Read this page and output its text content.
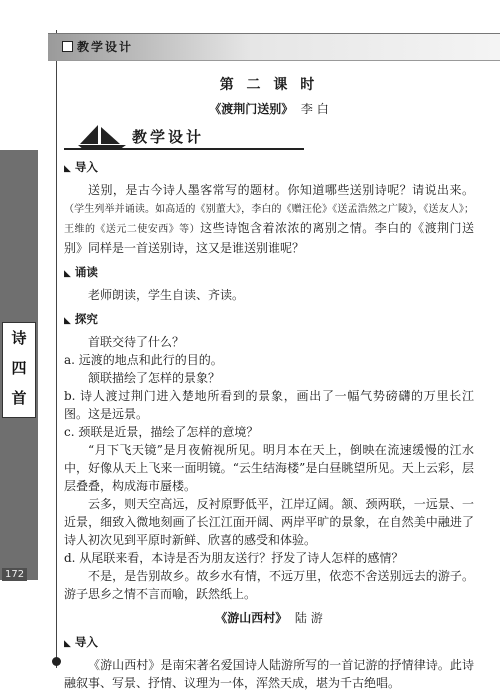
诗
四
首
172
教学设计
第 二 课 时
《渡荆门送别》 李 白
教学设计
◣ 导入

送别，是古今诗人墨客常写的题材。你知道哪些送别诗呢？请说出来。（学生列举并诵读。如高适的《别董大》，李白的《赠汪伦》《送孟浩然之广陵》，《送友人》；王维的《送元二使安西》等）这些诗饱含着浓浓的离别之情。李白的《渡荆门送别》同样是一首送别诗，这又是谁送别谁呢？

◣ 诵读

老师朗读，学生自读、齐读。

◣ 探究

首联交待了什么？

a. 远渡的地点和此行的目的。

颔联描绘了怎样的景象？

b. 诗人渡过荆门进入楚地所看到的景象，画出了一幅气势磅礴的万里长江图。这是远景。

c. 颈联是近景，描绘了怎样的意境？

“月下飞天镜”是月夜俯视所见。明月本在天上，倒映在流速缓慢的江水中，好像从天上飞来一面明镜。“云生结海楼”是白昼眺望所见。天上云彩，层层叠叠，构成海市蜃楼。

云多，则天空高远，反衬原野低平，江岸辽阔。颔、颈两联，一远景、一近景，细致入微地刻画了长江江面开阔、两岸平旷的景象，在自然美中融进了诗人初次见到平原时新鲜、欣喜的感受和体验。

d. 从尾联来看，本诗是否为朋友送行？抒发了诗人怎样的感情？

不是，是告别故乡。故乡水有情，不远万里，依恋不舍送别远去的游子。游子思乡之情不言而喻，跃然纸上。

《游山西村》 陆 游
◣ 导入

《游山西村》是南宋著名爱国诗人陆游所写的一首记游的抒情律诗。此诗融叙事、写景、抒情、议理为一体，浑然天成，堪为千古绝唱。
